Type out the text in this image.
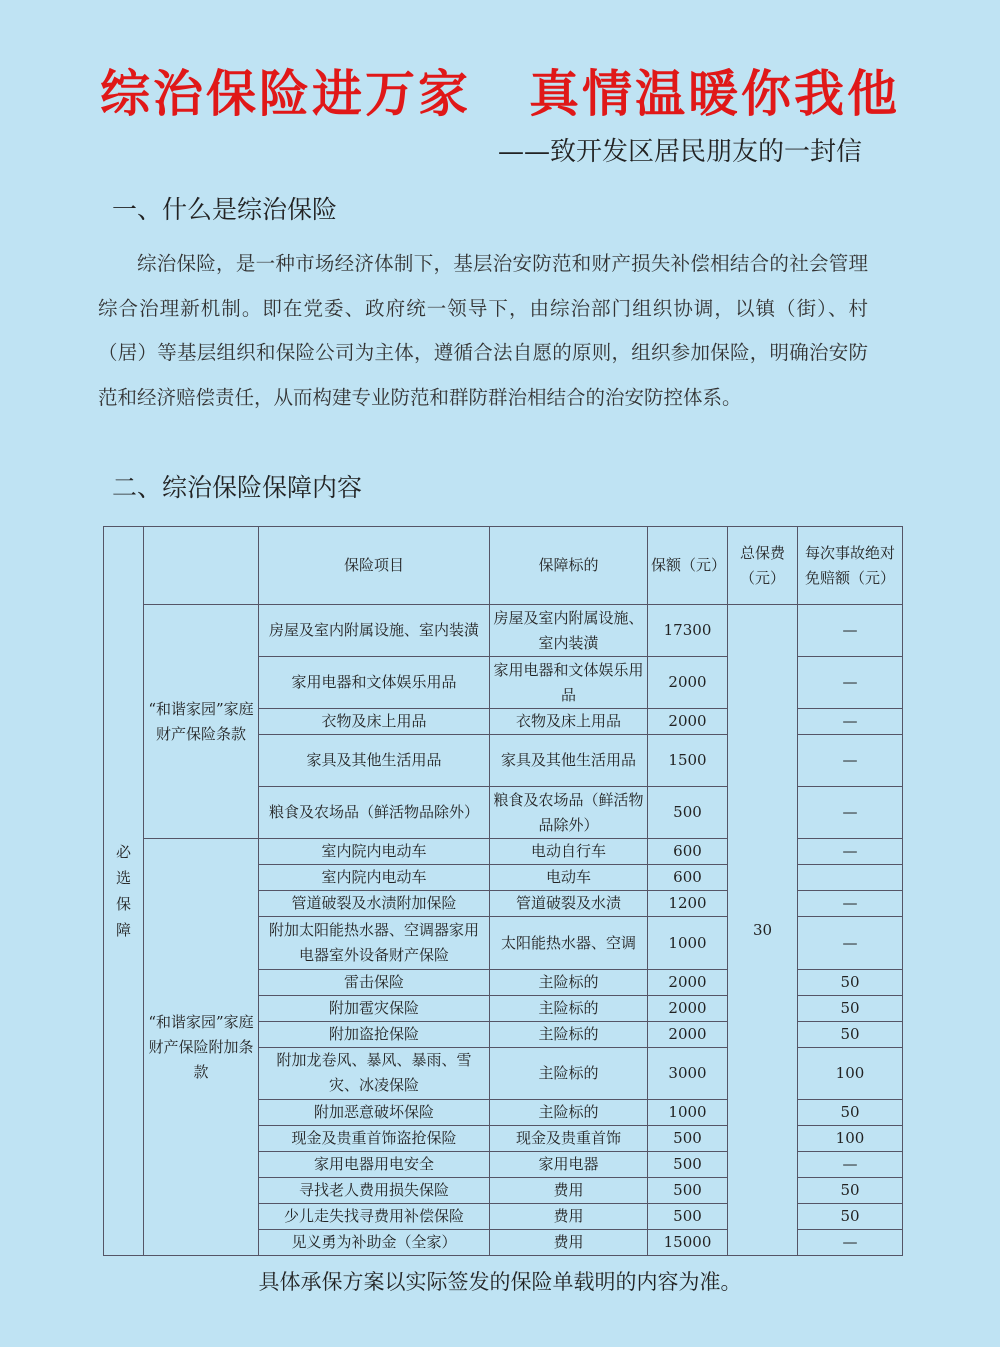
综治保险进万家 真情温暖你我他
——致开发区居民朋友的一封信
一、什么是综治保险
综治保险，是一种市场经济体制下，基层治安防范和财产损失补偿相结合的社会管理综合治理新机制。即在党委、政府统一领导下，由综治部门组织协调，以镇（街）、村（居）等基层组织和保险公司为主体，遵循合法自愿的原则，组织参加保险，明确治安防范和经济赔偿责任，从而构建专业防范和群防群治相结合的治安防控体系。
二、综治保险保障内容
必
选
保
障		保险项目	保障标的	保额（元）	总保费（元）	每次事故绝对免赔额（元）
	“和谐家园”家庭财产保险条款	房屋及室内附属设施、室内装潢	房屋及室内附属设施、室内装潢	17300	30	—
		家用电器和文体娱乐用品	家用电器和文体娱乐用品	2000		—
		衣物及床上用品	衣物及床上用品	2000		—
		家具及其他生活用品	家具及其他生活用品	1500		—
		粮食及农场品（鲜活物品除外）	粮食及农场品（鲜活物品除外）	500		—
	“和谐家园”家庭财产保险附加条款	室内院内电动车	电动自行车	600		—
		室内院内电动车	电动车	600		
		管道破裂及水渍附加保险	管道破裂及水渍	1200		—
		附加太阳能热水器、空调器家用电器室外设备财产保险	太阳能热水器、空调	1000		—
		雷击保险	主险标的	2000		50
		附加雹灾保险	主险标的	2000		50
		附加盗抢保险	主险标的	2000		50
		附加龙卷风、暴风、暴雨、雪灾、冰凌保险	主险标的	3000		100
		附加恶意破坏保险	主险标的	1000		50
		现金及贵重首饰盗抢保险	现金及贵重首饰	500		100
		家用电器用电安全	家用电器	500		—
		寻找老人费用损失保险	费用	500		50
		少儿走失找寻费用补偿保险	费用	500		50
		见义勇为补助金（全家）	费用	15000		—
具体承保方案以实际签发的保险单载明的内容为准。
